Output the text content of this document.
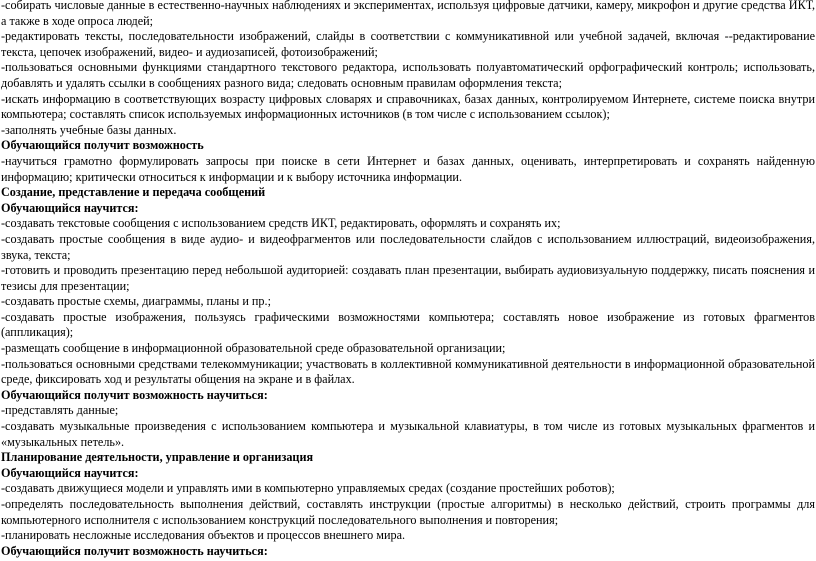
-собирать числовые данные в естественно-научных наблюдениях и экспериментах, используя цифровые датчики, камеру, микрофон и другие средства ИКТ, а также в ходе опроса людей;

-редактировать тексты, последовательности изображений, слайды в соответствии с коммуникативной или учебной задачей, включая --редактирование текста, цепочек изображений, видео- и аудиозаписей, фотоизображений;

-пользоваться основными функциями стандартного текстового редактора, использовать полуавтоматический орфографический контроль; использовать, добавлять и удалять ссылки в сообщениях разного вида; следовать основным правилам оформления текста;

-искать информацию в соответствующих возрасту цифровых словарях и справочниках, базах данных, контролируемом Интернете, системе поиска внутри компьютера; составлять список используемых информационных источников (в том числе с использованием ссылок);

-заполнять учебные базы данных.

Обучающийся получит возможность

-научиться грамотно формулировать запросы при поиске в сети Интернет и базах данных, оценивать, интерпретировать и сохранять найденную информацию; критически относиться к информации и к выбору источника информации.

Создание, представление и передача сообщений

Обучающийся научится:

-создавать текстовые сообщения с использованием средств ИКТ, редактировать, оформлять и сохранять их;

-создавать простые сообщения в виде аудио- и видеофрагментов или последовательности слайдов с использованием иллюстраций, видеоизображения, звука, текста;

-готовить и проводить презентацию перед небольшой аудиторией: создавать план презентации, выбирать аудиовизуальную поддержку, писать пояснения и тезисы для презентации;

-создавать простые схемы, диаграммы, планы и пр.;

-создавать простые изображения, пользуясь графическими возможностями компьютера; составлять новое изображение из готовых фрагментов (аппликация);

-размещать сообщение в информационной образовательной среде образовательной организации;

-пользоваться основными средствами телекоммуникации; участвовать в коллективной коммуникативной деятельности в информационной образовательной среде, фиксировать ход и результаты общения на экране и в файлах.

Обучающийся получит возможность научиться:

-представлять данные;

-создавать музыкальные произведения с использованием компьютера и музыкальной клавиатуры, в том числе из готовых музыкальных фрагментов и «музыкальных петель».

Планирование деятельности, управление и организация

Обучающийся научится:

-создавать движущиеся модели и управлять ими в компьютерно управляемых средах (создание простейших роботов);

-определять последовательность выполнения действий, составлять инструкции (простые алгоритмы) в несколько действий, строить программы для компьютерного исполнителя с использованием конструкций последовательного выполнения и повторения;

-планировать несложные исследования объектов и процессов внешнего мира.

Обучающийся получит возможность научиться:
